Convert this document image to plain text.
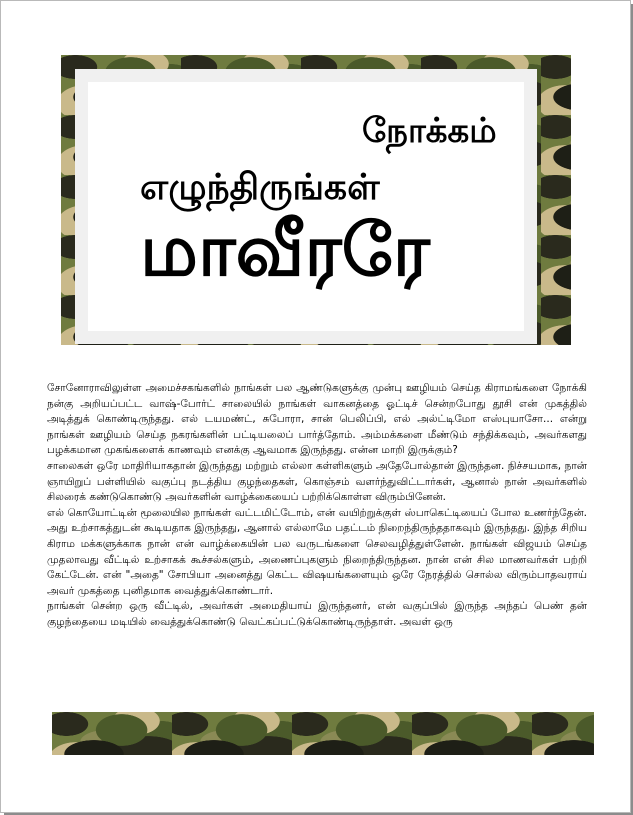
நோக்கம்
எழுந்திருங்கள்
மாவீரரே

சோனோராவிலுள்ள அமைச்சகங்களில் நாங்கள் பல ஆண்டுகளுக்கு முன்பு ஊழியம் செய்த கிராமங்களை நோக்கி நன்கு அறியப்பட்ட வாஷ்-போர்ட் சாலையில் நாங்கள் வாகனத்தை ஓட்டிச் சென்றபோது தூசி என் முகத்தில் அடித்துக் கொண்டிருந்தது. எல் டயமண்ட், சுபோரா, சான் பெலிப்பி, எல் அல்ட்டிமோ எஸ்புயாசோ... என்று நாங்கள் ஊழியம் செய்த நகரங்களின் பட்டியலைப் பார்த்தோம். அம்மக்களை மீண்டும் சந்திக்கவும், அவர்களது பழக்கமான முகங்களைக் காணவும் எனக்கு ஆவமாக இருந்தது. என்ன மாறி இருக்கும்?

சாலைகள் ஒரே மாதிரியாகதான் இருந்தது மற்றும் எல்லா கள்ளிகளும் அதேபோல்தான் இருந்தன. நிச்சயமாக, நான் ஞாயிறுப் பள்ளியில் வகுப்பு நடத்திய குழந்தைகள், கொஞ்சம் வளர்ந்துவிட்டார்கள், ஆனால் நான் அவர்களில் சிலரைக் கண்டுகொண்டு அவர்களின் வாழ்க்கையைப் பற்றிக்கொள்ள விரும்பினேன்.

எல் கொயோட்டின் மூலையில நாங்கள் வட்டமிட்டோம், என் வயிற்றுக்குள் ஸ்பாகெட்டியைப் போல உணர்ந்தேன். அது உற்சாகத்துடன் கூடியதாக இருந்தது, ஆனால் எல்லாமே பதட்டம் நிறைந்திருந்ததாகவும் இருந்தது. இந்த சிறிய கிராம மக்களுக்காக நான் என் வாழ்க்கையின் பல வருடங்களை செலவழித்துள்ளேன். நாங்கள் விஜயம் செய்த முதலாவது வீட்டில் உற்சாகக் கூச்சல்களும், அணைப்புகளும் நிறைந்திருந்தன. நான் என் சில மாணவர்கள் பற்றி கேட்டேன். என் "அதை" சோபியா அனைத்து கெட்ட விஷயங்களையும் ஒரே நேரத்தில் சொல்ல விரும்பாதவராய் அவர் முகத்தை புனிதமாக வைத்துக்கொண்டார்.

நாங்கள் சென்ற ஒரு வீட்டில், அவர்கள் அமைதியாய் இருந்தனர், என் வகுப்பில் இருந்த அந்தப் பெண் தன் குழந்தையை மடியில் வைத்துக்கொண்டு வெட்கப்பட்டுக்கொண்டிருந்தாள். அவள் ஒரு
